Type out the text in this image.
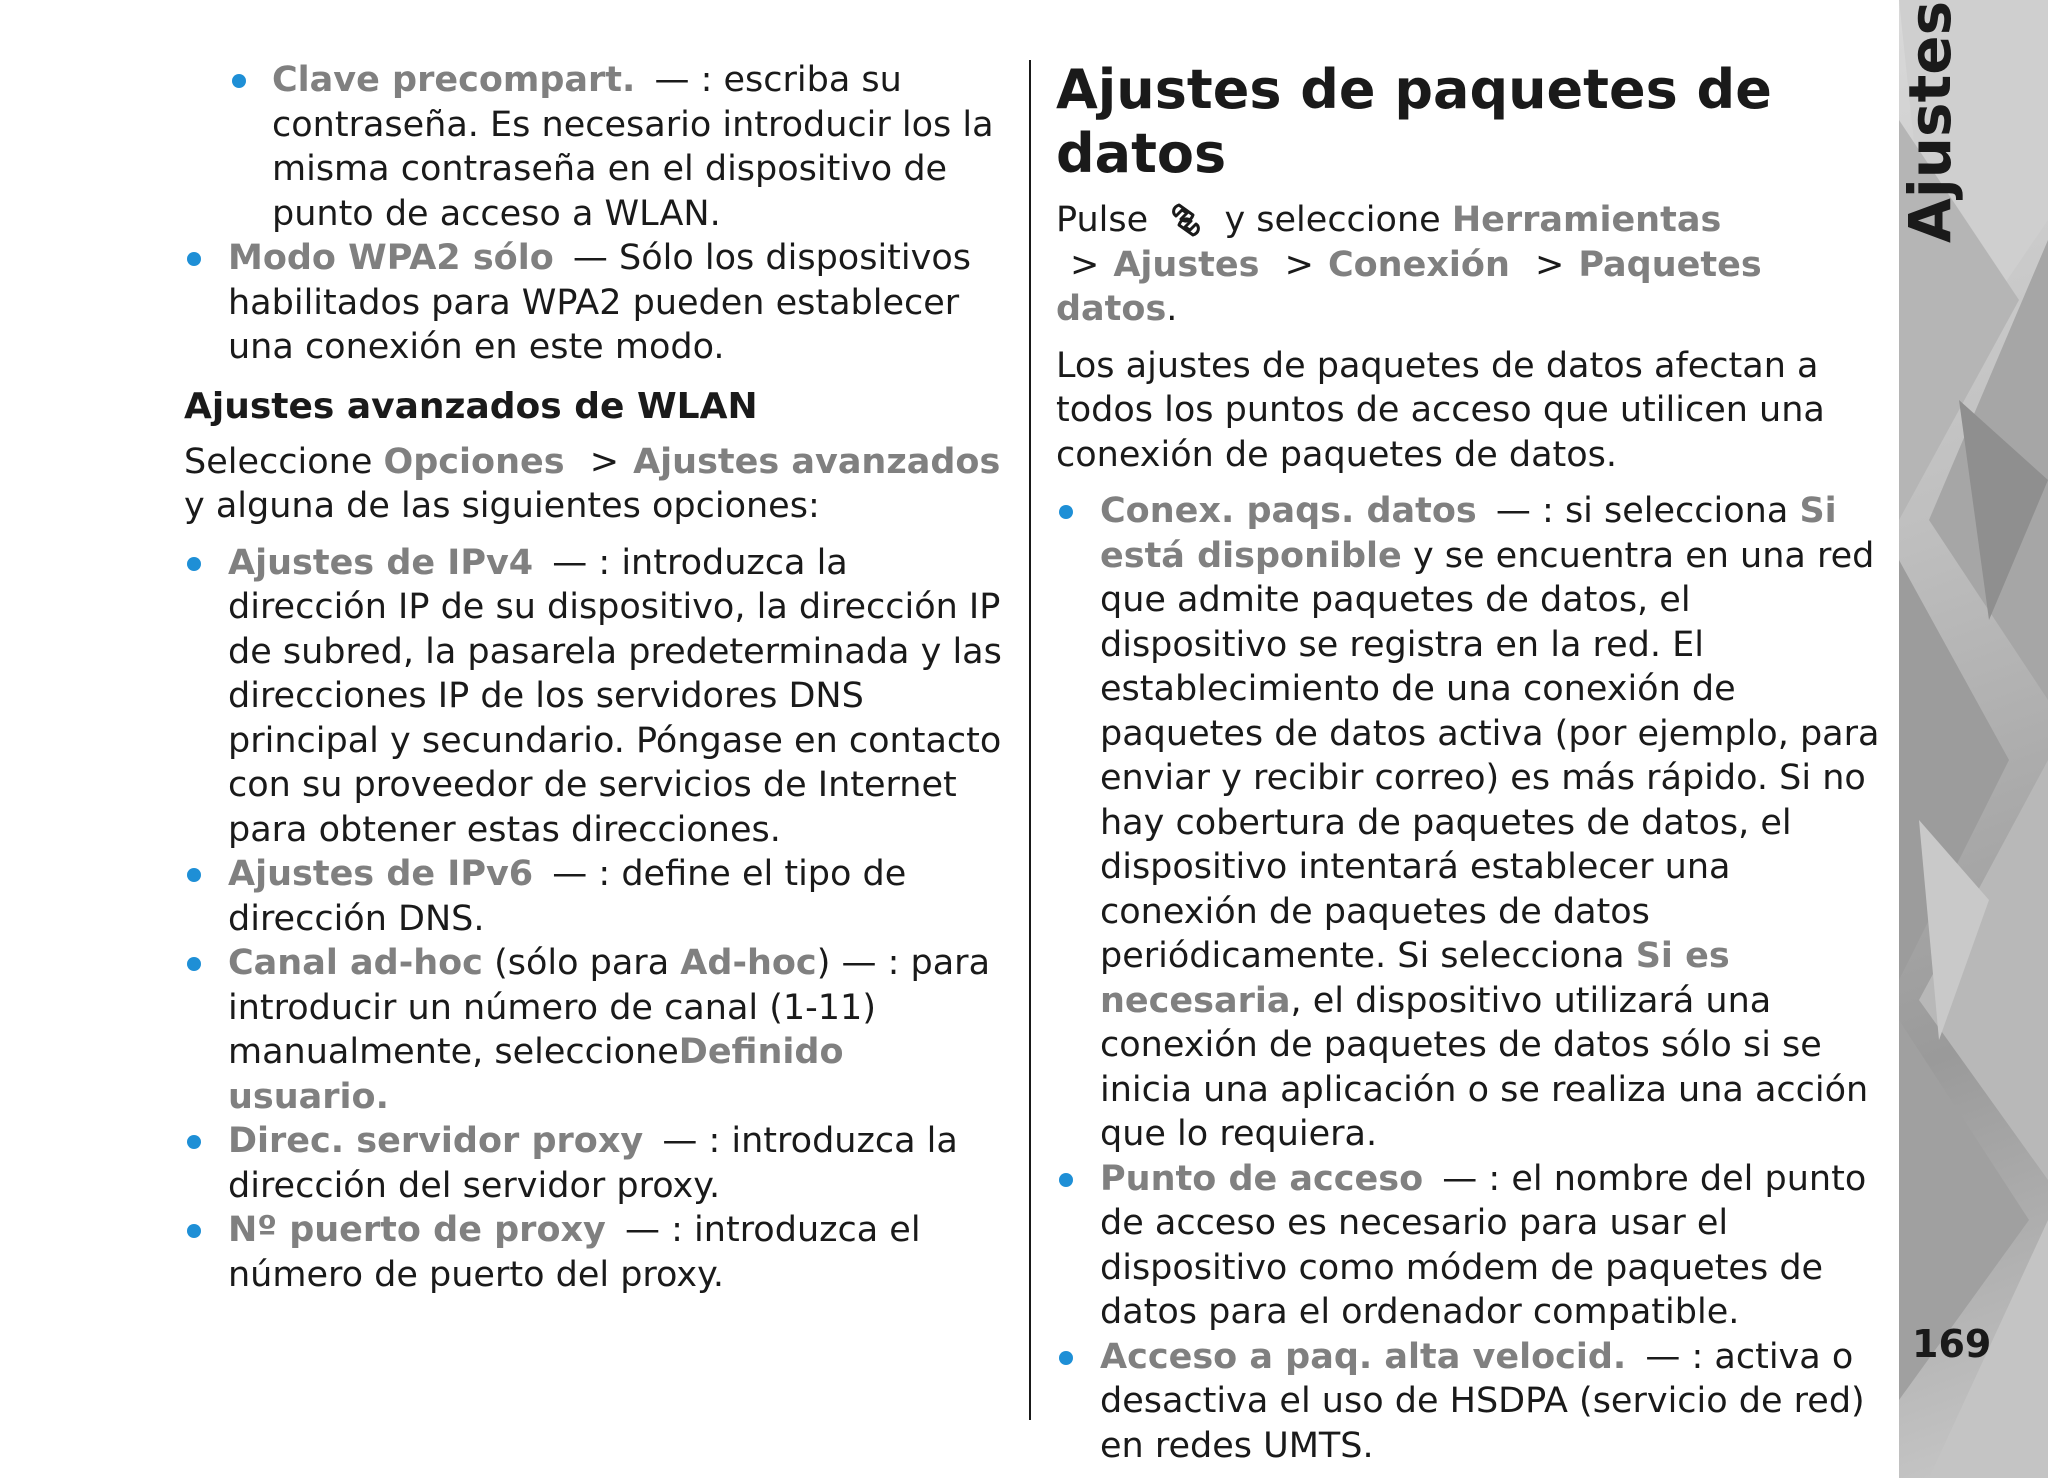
Clave precompart. — : escriba su contraseña. Es necesario introducir los la misma contraseña en el dispositivo de punto de acceso a WLAN.
Modo WPA2 sólo — Sólo los dispositivos habilitados para WPA2 pueden establecer una conexión en este modo.
Ajustes avanzados de WLAN

Seleccione Opciones > Ajustes avanzados y alguna de las siguientes opciones:

Ajustes de IPv4 — : introduzca la dirección IP de su dispositivo, la dirección IP de subred, la pasarela predeterminada y las direcciones IP de los servidores DNS principal y secundario. Póngase en contacto con su proveedor de servicios de Internet para obtener estas direcciones.
Ajustes de IPv6 — : define el tipo de dirección DNS.
Canal ad-hoc (sólo para Ad-hoc) — : para introducir un número de canal (1-11) manualmente, seleccioneDefinido usuario.
Direc. servidor proxy — : introduzca la dirección del servidor proxy.
Nº puerto de proxy — : introduzca el número de puerto del proxy.
Ajustes de paquetes de datos

Pulse y seleccione Herramientas > Ajustes > Conexión > Paquetes datos.

Los ajustes de paquetes de datos afectan a todos los puntos de acceso que utilicen una conexión de paquetes de datos.

Conex. paqs. datos — : si selecciona Si está disponible y se encuentra en una red que admite paquetes de datos, el dispositivo se registra en la red. El establecimiento de una conexión de paquetes de datos activa (por ejemplo, para enviar y recibir correo) es más rápido. Si no hay cobertura de paquetes de datos, el dispositivo intentará establecer una conexión de paquetes de datos periódicamente. Si selecciona Si es necesaria, el dispositivo utilizará una conexión de paquetes de datos sólo si se inicia una aplicación o se realiza una acción que lo requiera.
Punto de acceso — : el nombre del punto de acceso es necesario para usar el dispositivo como módem de paquetes de datos para el ordenador compatible.
Acceso a paq. alta velocid. — : activa o desactiva el uso de HSDPA (servicio de red) en redes UMTS.
Ajustes
169
